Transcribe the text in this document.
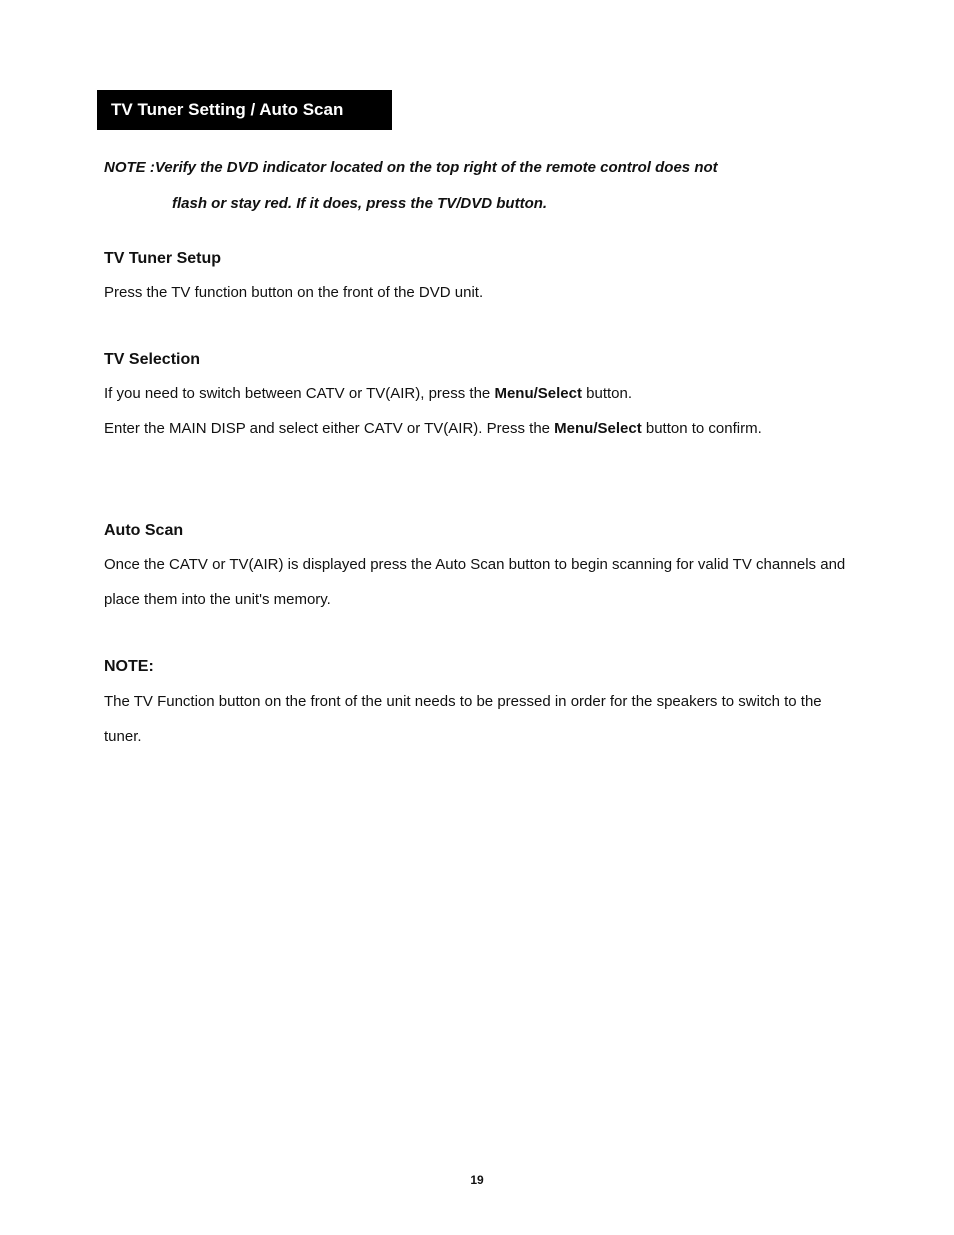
TV Tuner Setting / Auto Scan
NOTE :Verify the DVD indicator located on the top right of the remote control does not
flash or stay red. If it does, press the TV/DVD button.
TV Tuner Setup
Press the TV function button on the front of the DVD unit.
TV Selection
If you need to switch between CATV or TV(AIR), press the Menu/Select button.
Enter the MAIN DISP and select either CATV or TV(AIR). Press the Menu/Select button to confirm.
Auto Scan
Once the CATV or TV(AIR) is displayed press the Auto Scan button to begin scanning for valid TV channels and place them into the unit's memory.
NOTE:
The TV Function button on the front of the unit needs to be pressed in order for the speakers to switch to the tuner.
19
